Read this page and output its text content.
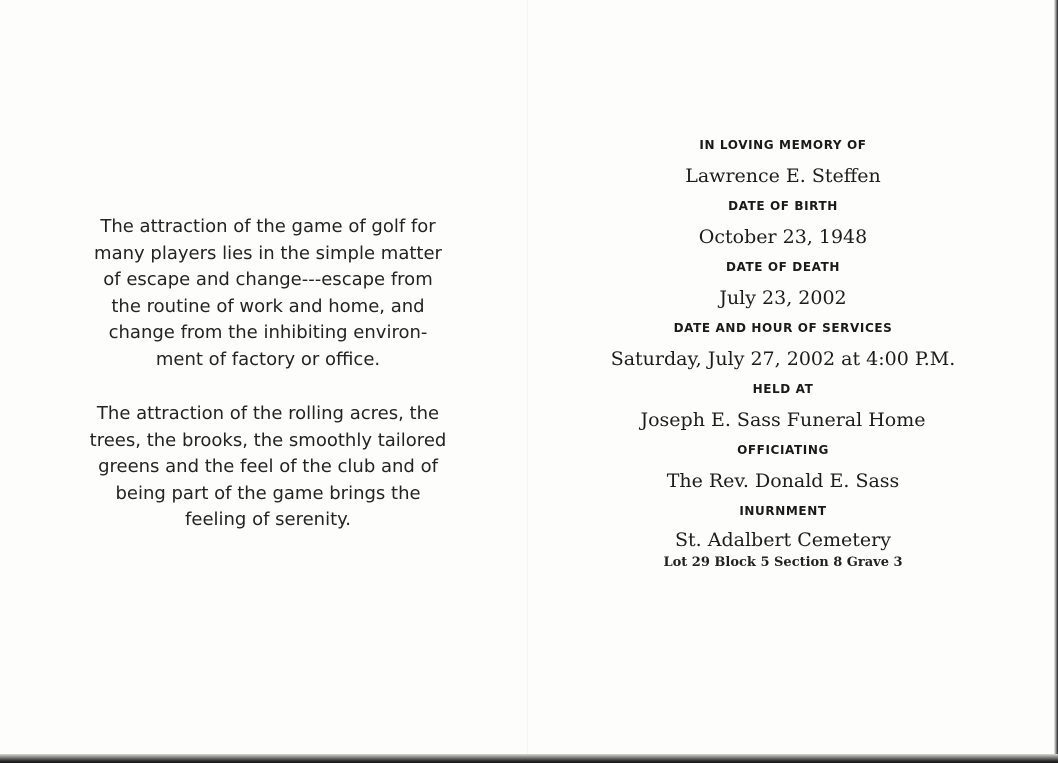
The attraction of the game of golf for
many players lies in the simple matter
of escape and change---escape from
the routine of work and home, and
change from the inhibiting environ-
ment of factory or office.
The attraction of the rolling acres, the
trees, the brooks, the smoothly tailored
greens and the feel of the club and of
being part of the game brings the
feeling of serenity.
IN LOVING MEMORY OF
Lawrence E. Steffen
DATE OF BIRTH
October 23, 1948
DATE OF DEATH
July 23, 2002
DATE AND HOUR OF SERVICES
Saturday, July 27, 2002 at 4:00 P.M.
HELD AT
Joseph E. Sass Funeral Home
OFFICIATING
The Rev. Donald E. Sass
INURNMENT
St. Adalbert Cemetery
Lot 29 Block 5 Section 8 Grave 3
